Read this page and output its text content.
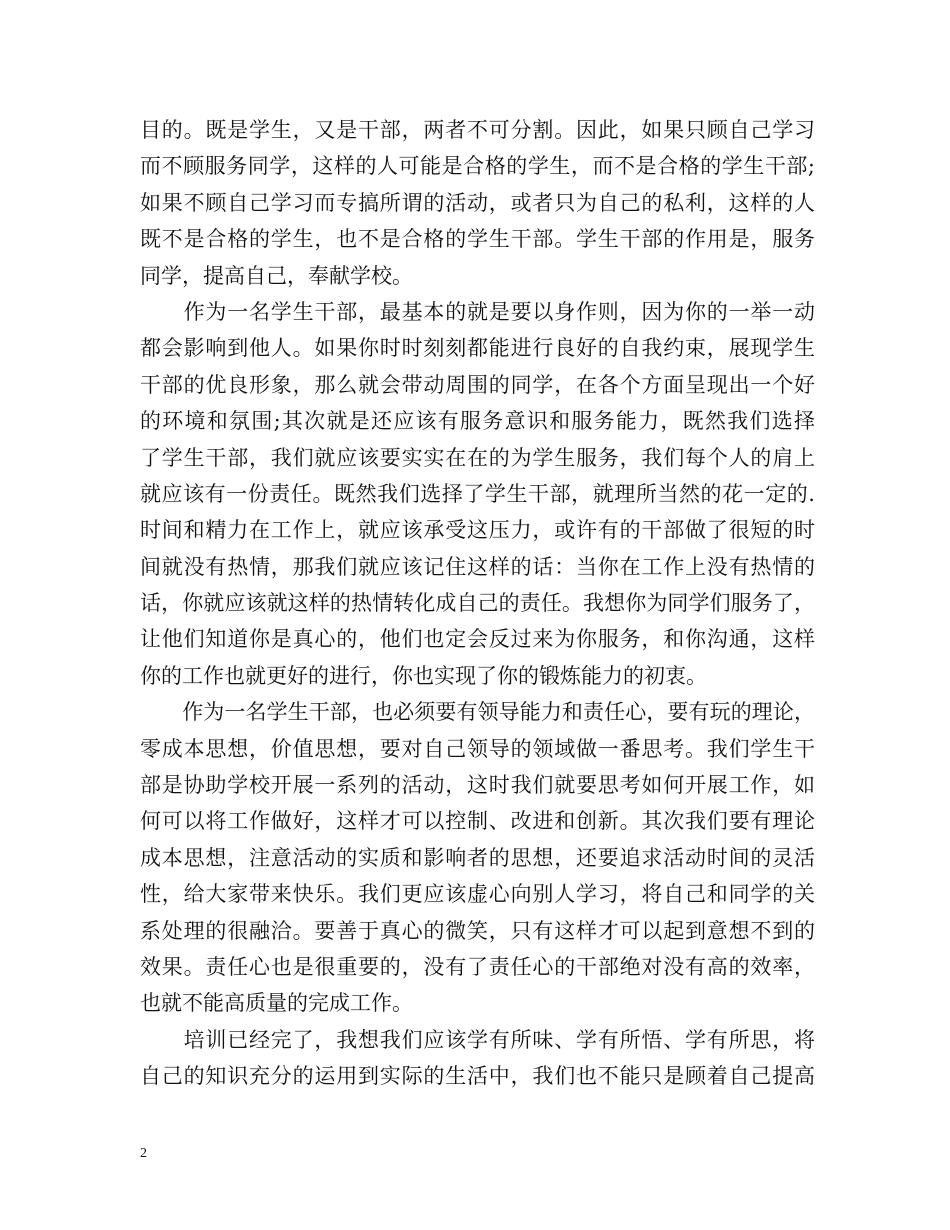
目的。既是学生，又是干部，两者不可分割。因此，如果只顾自己学习
而不顾服务同学，这样的人可能是合格的学生，而不是合格的学生干部;
如果不顾自己学习而专搞所谓的活动，或者只为自己的私利，这样的人
既不是合格的学生，也不是合格的学生干部。学生干部的作用是，服务
同学，提高自己，奉献学校。
　　作为一名学生干部，最基本的就是要以身作则，因为你的一举一动
都会影响到他人。如果你时时刻刻都能进行良好的自我约束，展现学生
干部的优良形象，那么就会带动周围的同学，在各个方面呈现出一个好
的环境和氛围;其次就是还应该有服务意识和服务能力，既然我们选择
了学生干部，我们就应该要实实在在的为学生服务，我们每个人的肩上
就应该有一份责任。既然我们选择了学生干部，就理所当然的花一定的.
时间和精力在工作上，就应该承受这压力，或许有的干部做了很短的时
间就没有热情，那我们就应该记住这样的话：当你在工作上没有热情的
话，你就应该就这样的热情转化成自己的责任。我想你为同学们服务了，
让他们知道你是真心的，他们也定会反过来为你服务，和你沟通，这样
你的工作也就更好的进行，你也实现了你的锻炼能力的初衷。
　　作为一名学生干部，也必须要有领导能力和责任心，要有玩的理论，
零成本思想，价值思想，要对自己领导的领域做一番思考。我们学生干
部是协助学校开展一系列的活动，这时我们就要思考如何开展工作，如
何可以将工作做好，这样才可以控制、改进和创新。其次我们要有理论
成本思想，注意活动的实质和影响者的思想，还要追求活动时间的灵活
性，给大家带来快乐。我们更应该虚心向别人学习，将自己和同学的关
系处理的很融洽。要善于真心的微笑，只有这样才可以起到意想不到的
效果。责任心也是很重要的，没有了责任心的干部绝对没有高的效率，
也就不能高质量的完成工作。
　　培训已经完了，我想我们应该学有所味、学有所悟、学有所思，将
自己的知识充分的运用到实际的生活中，我们也不能只是顾着自己提高
2
